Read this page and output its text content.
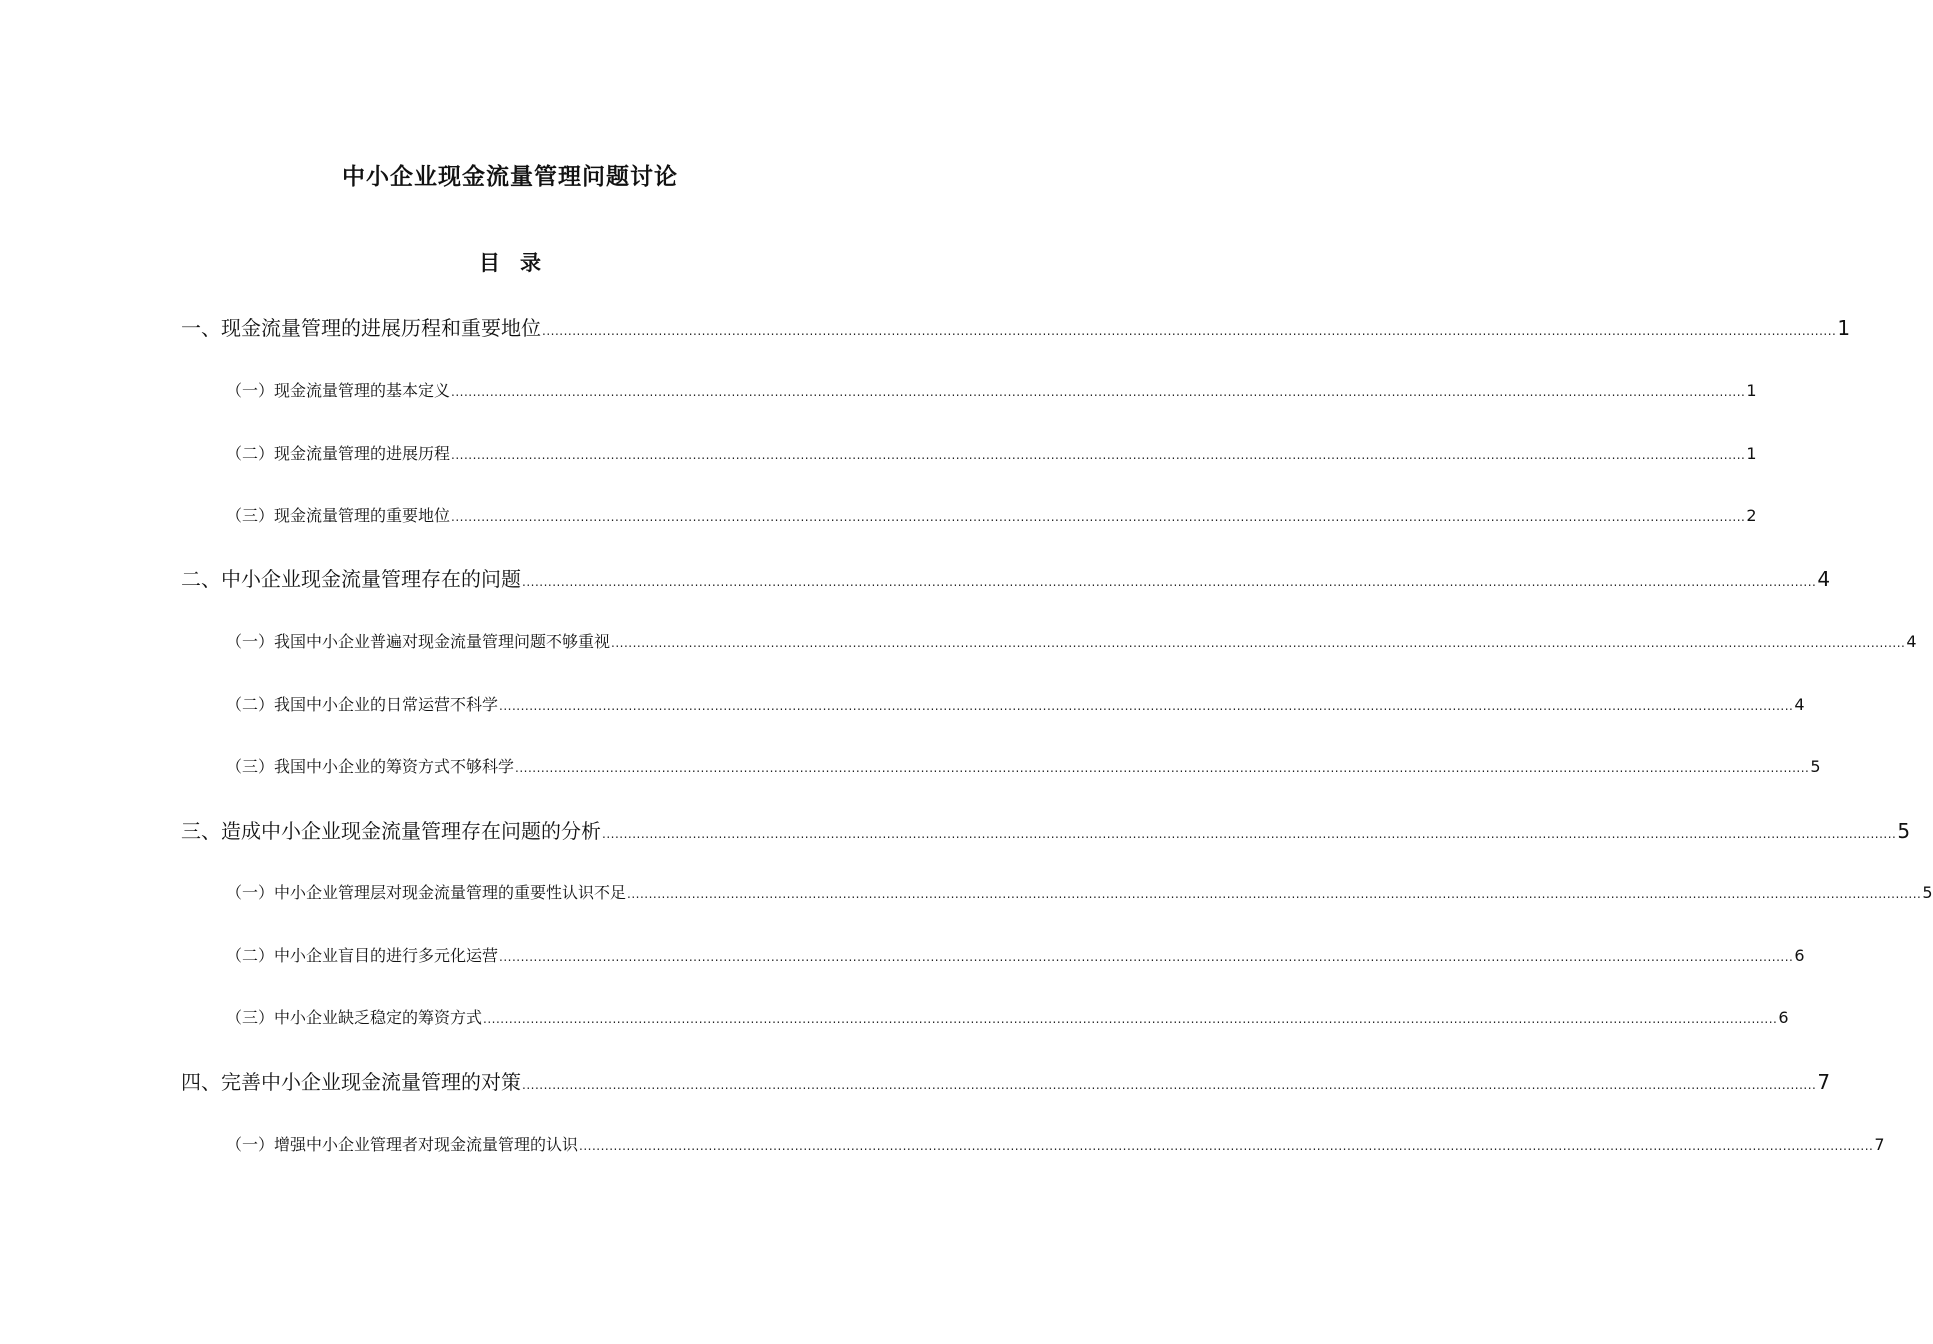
中小企业现金流量管理问题讨论
目录
一、现金流量管理的进展历程和重要地位 ............................................................................................................................................................................................................................................................................................................ 1
（一）现金流量管理的基本定义 ............................................................................................................................................................................................................................................................................................................ 1
（二）现金流量管理的进展历程 ............................................................................................................................................................................................................................................................................................................ 1
（三）现金流量管理的重要地位 ............................................................................................................................................................................................................................................................................................................ 2
二、中小企业现金流量管理存在的问题 ............................................................................................................................................................................................................................................................................................................ 4
（一）我国中小企业普遍对现金流量管理问题不够重视 ............................................................................................................................................................................................................................................................................................................ 4
（二）我国中小企业的日常运营不科学 ............................................................................................................................................................................................................................................................................................................ 4
（三）我国中小企业的筹资方式不够科学 ............................................................................................................................................................................................................................................................................................................ 5
三、造成中小企业现金流量管理存在问题的分析 ............................................................................................................................................................................................................................................................................................................ 5
（一）中小企业管理层对现金流量管理的重要性认识不足 ............................................................................................................................................................................................................................................................................................................ 5
（二）中小企业盲目的进行多元化运营 ............................................................................................................................................................................................................................................................................................................ 6
（三）中小企业缺乏稳定的筹资方式 ............................................................................................................................................................................................................................................................................................................ 6
四、完善中小企业现金流量管理的对策 ............................................................................................................................................................................................................................................................................................................ 7
（一）增强中小企业管理者对现金流量管理的认识 ............................................................................................................................................................................................................................................................................................................ 7
